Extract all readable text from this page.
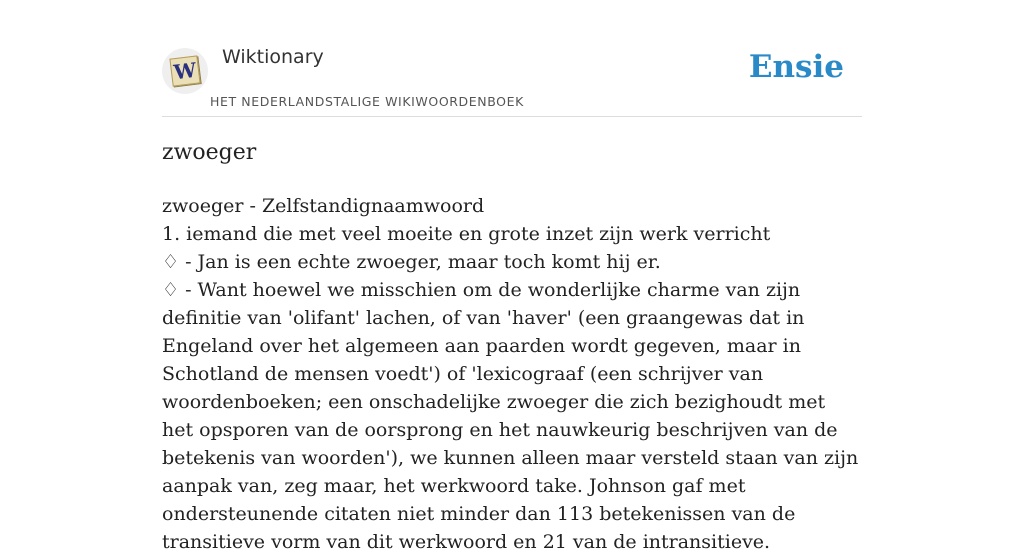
W
Wiktionary
HET NEDERLANDSTALIGE WIKIWOORDENBOEK
Ensie
zwoeger
zwoeger - Zelfstandignaamwoord
1. iemand die met veel moeite en grote inzet zijn werk verricht
♢ - Jan is een echte zwoeger, maar toch komt hij er.
♢ - Want hoewel we misschien om de wonderlijke charme van zijn definitie van 'olifant' lachen, of van 'haver' (een graangewas dat in Engeland over het algemeen aan paarden wordt gegeven, maar in Schotland de mensen voedt') of 'lexicograaf (een schrijver van woordenboeken; een onschadelijke zwoeger die zich bezighoudt met het opsporen van de oorsprong en het nauwkeurig beschrijven van de betekenis van woorden'), we kunnen alleen maar versteld staan van zijn aanpak van, zeg maar, het werkwoord take. Johnson gaf met ondersteunende citaten niet minder dan 113 betekenissen van de transitieve vorm van dit werkwoord en 21 van de intransitieve.
